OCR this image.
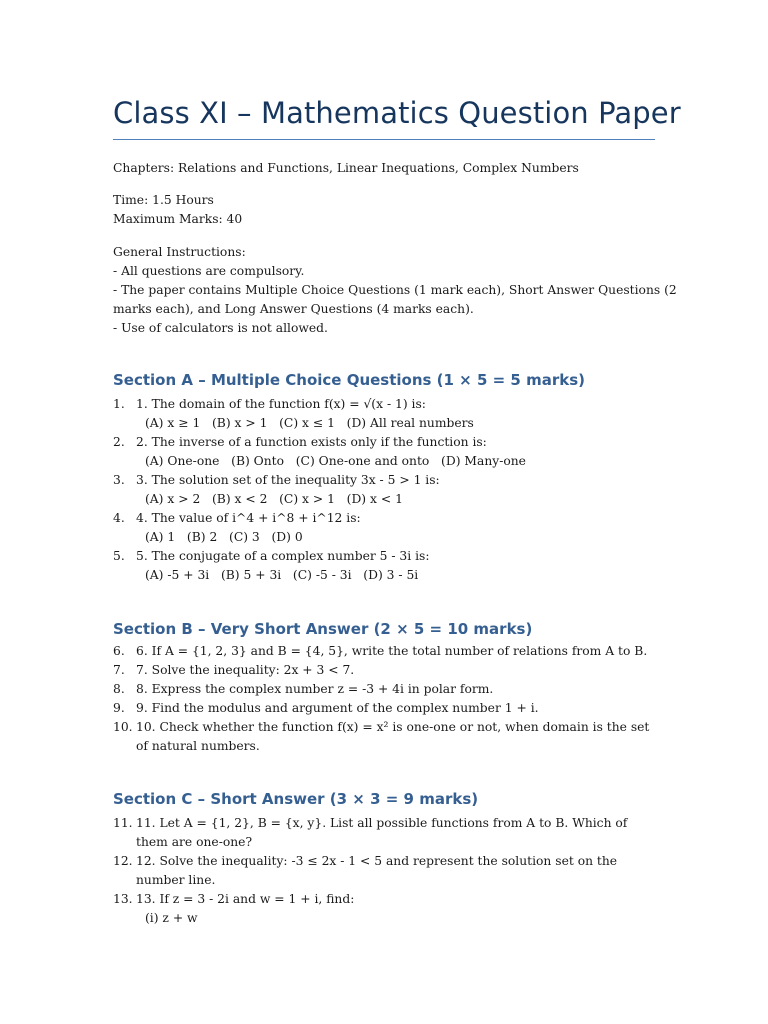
Class XI – Mathematics Question Paper
Chapters: Relations and Functions, Linear Inequations, Complex Numbers
Time: 1.5 Hours
Maximum Marks: 40
General Instructions:
- All questions are compulsory.
- The paper contains Multiple Choice Questions (1 mark each), Short Answer Questions (2
marks each), and Long Answer Questions (4 marks each).
- Use of calculators is not allowed.
Section A – Multiple Choice Questions (1 × 5 = 5 marks)
1. 1. The domain of the function f(x) = √(x - 1) is:
(A) x ≥ 1   (B) x > 1   (C) x ≤ 1   (D) All real numbers
2. 2. The inverse of a function exists only if the function is:
(A) One-one   (B) Onto   (C) One-one and onto   (D) Many-one
3. 3. The solution set of the inequality 3x - 5 > 1 is:
(A) x > 2   (B) x < 2   (C) x > 1   (D) x < 1
4. 4. The value of i^4 + i^8 + i^12 is:
(A) 1   (B) 2   (C) 3   (D) 0
5. 5. The conjugate of a complex number 5 - 3i is:
(A) -5 + 3i   (B) 5 + 3i   (C) -5 - 3i   (D) 3 - 5i
Section B – Very Short Answer (2 × 5 = 10 marks)
6. 6. If A = {1, 2, 3} and B = {4, 5}, write the total number of relations from A to B.
7. 7. Solve the inequality: 2x + 3 < 7.
8. 8. Express the complex number z = -3 + 4i in polar form.
9. 9. Find the modulus and argument of the complex number 1 + i.
10. 10. Check whether the function f(x) = x² is one-one or not, when domain is the set of natural numbers.
Section C – Short Answer (3 × 3 = 9 marks)
11. 11. Let A = {1, 2}, B = {x, y}. List all possible functions from A to B. Which of them are one-one?
12. 12. Solve the inequality: -3 ≤ 2x - 1 < 5 and represent the solution set on the number line.
13. 13. If z = 3 - 2i and w = 1 + i, find:
(i) z + w
